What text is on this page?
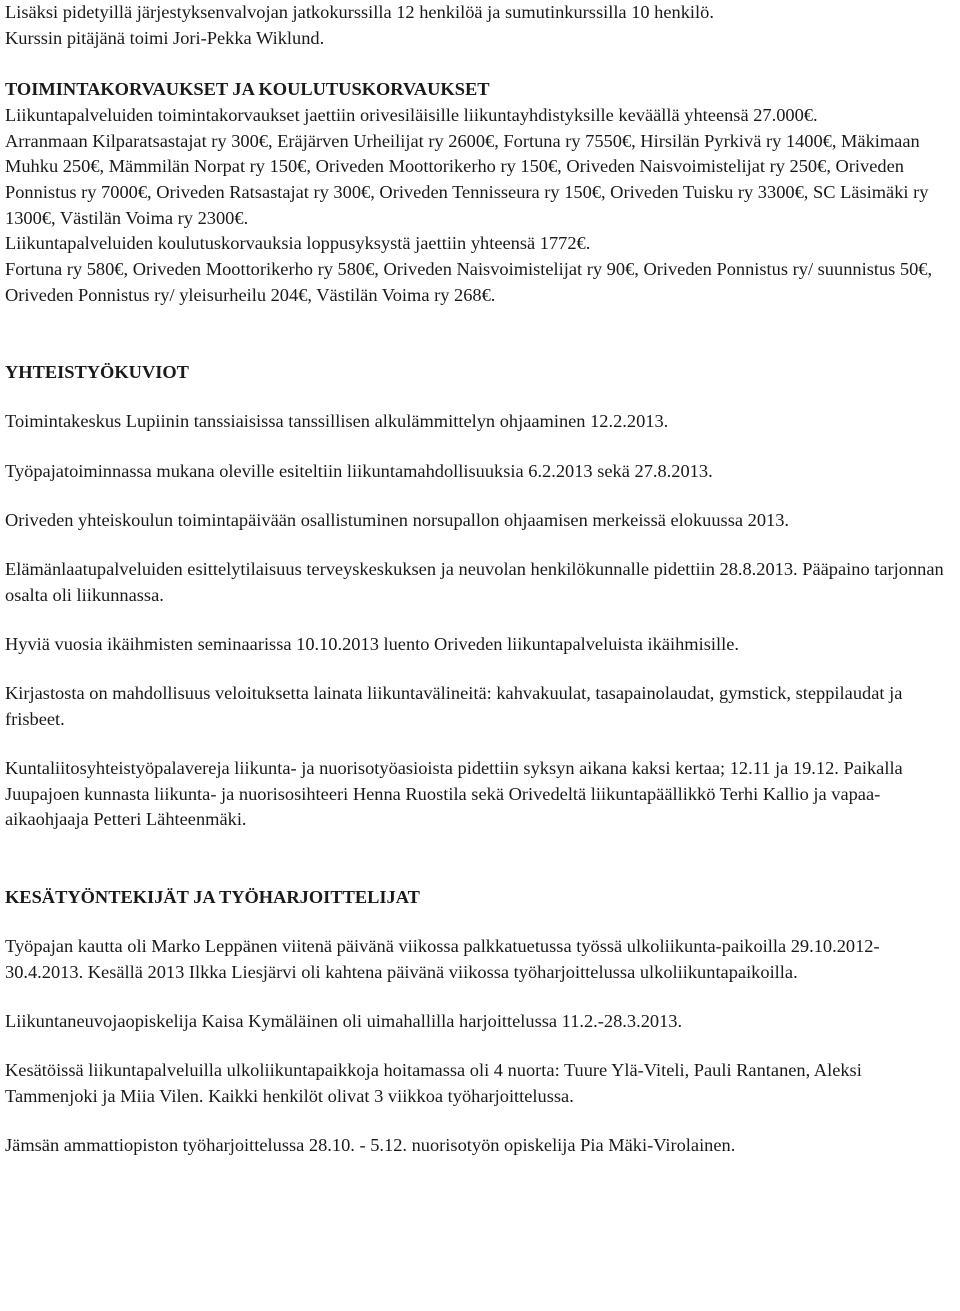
Lisäksi pidetyillä järjestyksenvalvojan jatkokurssilla 12 henkilöä ja sumutinkurssilla 10 henkilö.

Kurssin pitäjänä toimi Jori-Pekka Wiklund.

TOIMINTAKORVAUKSET JA KOULUTUSKORVAUKSET

Liikuntapalveluiden toimintakorvaukset jaettiin orivesiläisille liikuntayhdistyksille keväällä yhteensä 27.000€.

Arranmaan Kilparatsastajat ry 300€, Eräjärven Urheilijat ry 2600€, Fortuna ry 7550€, Hirsilän Pyrkivä ry 1400€, Mäkimaan Muhku 250€, Mämmilän Norpat ry 150€, Oriveden Moottorikerho ry 150€, Oriveden Naisvoimistelijat ry 250€, Oriveden Ponnistus ry 7000€, Oriveden Ratsastajat ry 300€, Oriveden Tennisseura ry 150€, Oriveden Tuisku ry 3300€, SC Läsimäki ry 1300€, Västilän Voima ry 2300€.

Liikuntapalveluiden koulutuskorvauksia loppusyksystä jaettiin yhteensä 1772€.

Fortuna ry 580€, Oriveden Moottorikerho ry 580€, Oriveden Naisvoimistelijat ry 90€, Oriveden Ponnistus ry/ suunnistus 50€, Oriveden Ponnistus ry/ yleisurheilu 204€, Västilän Voima ry 268€.

YHTEISTYÖKUVIOT

Toimintakeskus Lupiinin tanssiaisissa tanssillisen alkulämmittelyn ohjaaminen 12.2.2013.

Työpajatoiminnassa mukana oleville esiteltiin liikuntamahdollisuuksia 6.2.2013 sekä 27.8.2013.

Oriveden yhteiskoulun toimintapäivään osallistuminen norsupallon ohjaamisen merkeissä elokuussa 2013.

Elämänlaatupalveluiden esittelytilaisuus terveyskeskuksen ja neuvolan henkilökunnalle pidettiin 28.8.2013. Pääpaino tarjonnan osalta oli liikunnassa.

Hyviä vuosia ikäihmisten seminaarissa 10.10.2013 luento Oriveden liikuntapalveluista ikäihmisille.

Kirjastosta on mahdollisuus veloituksetta lainata liikuntavälineitä: kahvakuulat, tasapainolaudat, gymstick, steppilaudat ja frisbeet.

Kuntaliitosyhteistyöpalavereja liikunta- ja nuorisotyöasioista pidettiin syksyn aikana kaksi kertaa; 12.11 ja 19.12. Paikalla Juupajoen kunnasta liikunta- ja nuorisosihteeri Henna Ruostila sekä Orivedeltä liikuntapäällikkö Terhi Kallio ja vapaa-aikaohjaaja Petteri Lähteenmäki.

KESÄTYÖNTEKIJÄT JA TYÖHARJOITTELIJAT

Työpajan kautta oli Marko Leppänen viitenä päivänä viikossa palkkatuetussa työssä ulkoliikunta-paikoilla 29.10.2012-30.4.2013. Kesällä 2013 Ilkka Liesjärvi oli kahtena päivänä viikossa työharjoittelussa ulkoliikuntapaikoilla.

Liikuntaneuvojaopiskelija Kaisa Kymäläinen oli uimahallilla harjoittelussa 11.2.-28.3.2013.

Kesätöissä liikuntapalveluilla ulkoliikuntapaikkoja hoitamassa oli 4 nuorta: Tuure Ylä-Viteli, Pauli Rantanen, Aleksi Tammenjoki ja Miia Vilen. Kaikki henkilöt olivat 3 viikkoa työharjoittelussa.

Jämsän ammattiopiston työharjoittelussa 28.10. - 5.12. nuorisotyön opiskelija Pia Mäki-Virolainen.
